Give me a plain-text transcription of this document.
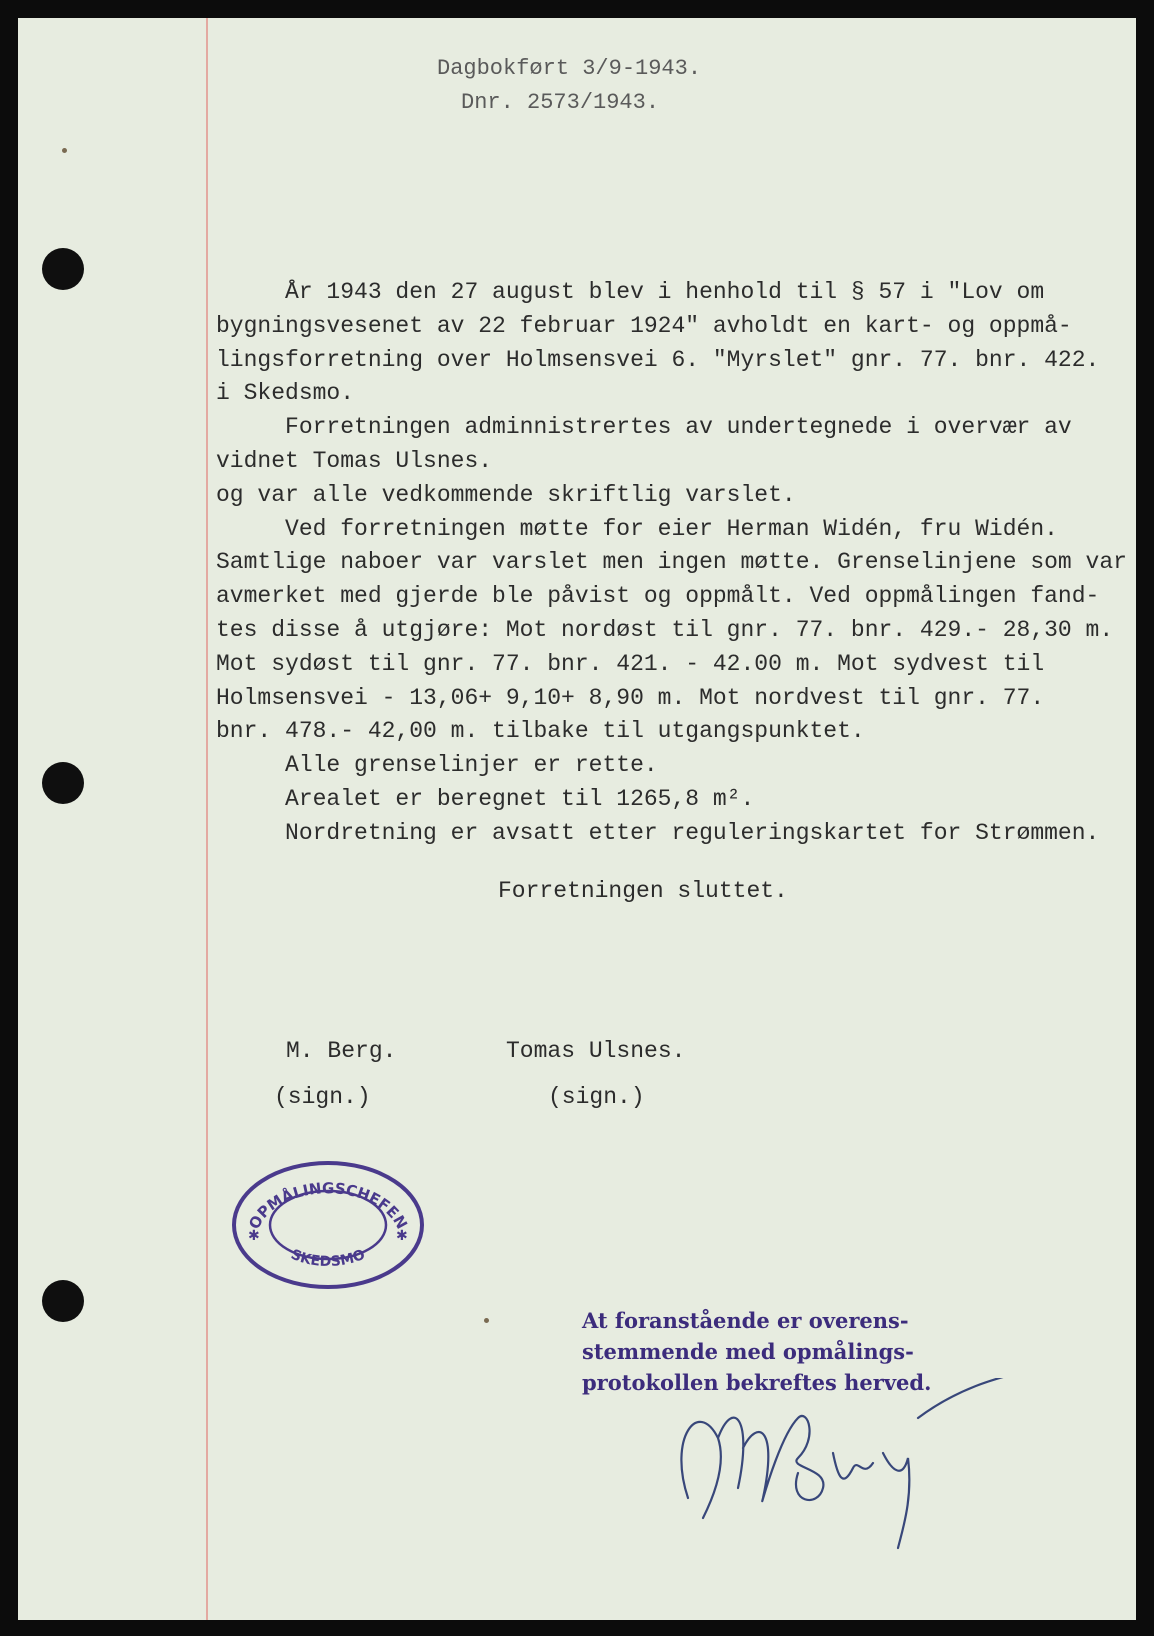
Dagbokført 3/9-1943.
Dnr. 2573/1943.
År 1943 den 27 august blev i henhold til § 57 i "Lov om
bygningsvesenet av 22 februar 1924" avholdt en kart- og oppmå-
lingsforretning over Holmsensvei 6. "Myrslet" gnr. 77. bnr. 422.
i Skedsmo.
Forretningen adminnistrertes av undertegnede i overvær av
vidnet Tomas Ulsnes.
og var alle vedkommende skriftlig varslet.
Ved forretningen møtte for eier Herman Widén, fru Widén.
Samtlige naboer var varslet men ingen møtte. Grenselinjene som var
avmerket med gjerde ble påvist og oppmålt. Ved oppmålingen fand-
tes disse å utgjøre: Mot nordøst til gnr. 77. bnr. 429.- 28,30 m.
Mot sydøst til gnr. 77. bnr. 421. - 42.00 m. Mot sydvest til
Holmsensvei - 13,06+ 9,10+ 8,90 m. Mot nordvest til gnr. 77.
bnr. 478.- 42,00 m. tilbake til utgangspunktet.
Alle grenselinjer er rette.
Arealet er beregnet til 1265,8 m².
Nordretning er avsatt etter reguleringskartet for Strømmen.
Forretningen sluttet.
M. Berg.
(sign.)
Tomas Ulsnes.
(sign.)
OPMÅLINGSCHEFEN
SKEDSMO
✱	✱
At foranstående er overens-
stemmende med opmålings-
protokollen bekreftes herved.
